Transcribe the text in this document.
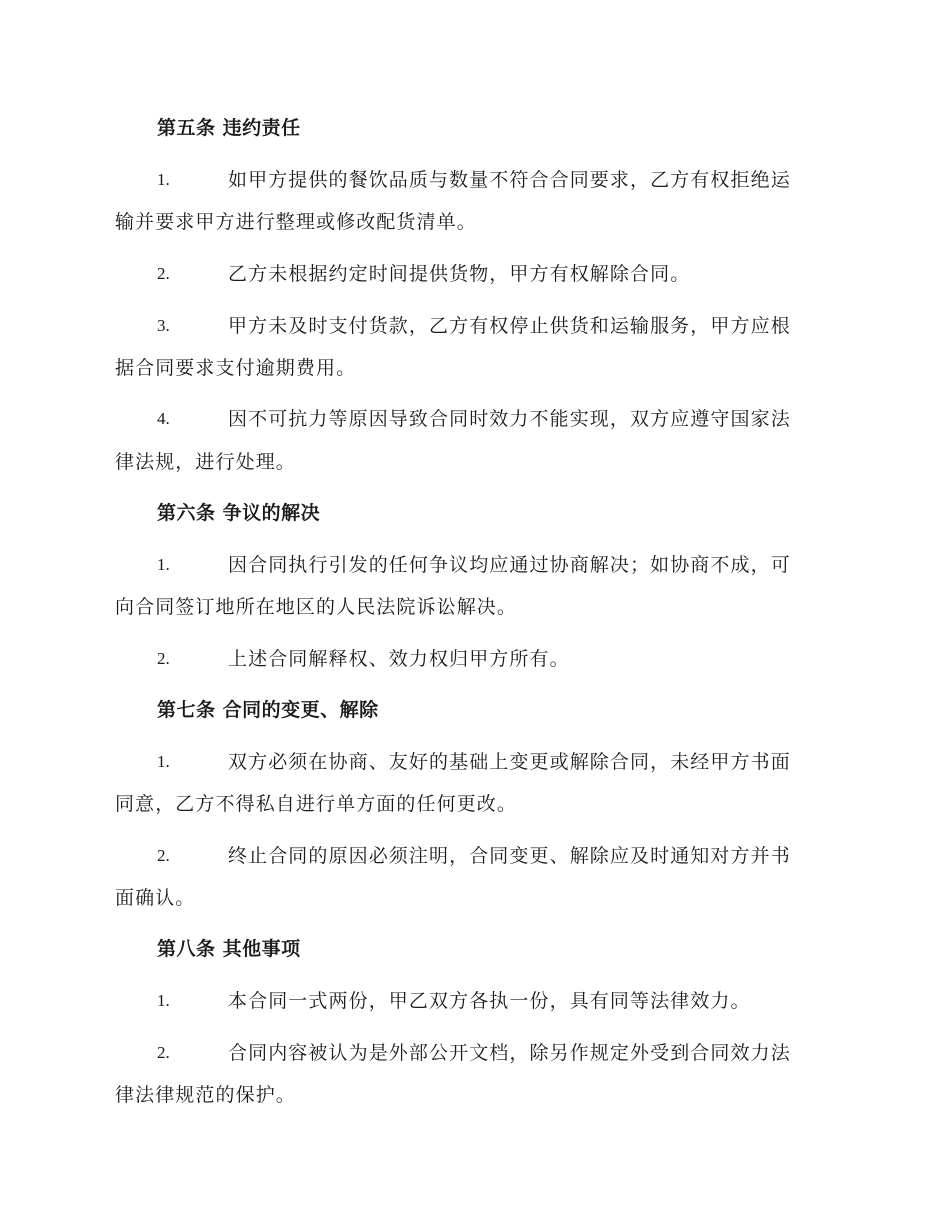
第五条 违约责任
1.	如甲方提供的餐饮品质与数量不符合合同要求，乙方有权拒绝运
输并要求甲方进行整理或修改配货清单。
2.	乙方未根据约定时间提供货物，甲方有权解除合同。
3.	甲方未及时支付货款，乙方有权停止供货和运输服务，甲方应根
据合同要求支付逾期费用。
4.	因不可抗力等原因导致合同时效力不能实现，双方应遵守国家法
律法规，进行处理。
第六条 争议的解决
1.	因合同执行引发的任何争议均应通过协商解决；如协商不成，可
向合同签订地所在地区的人民法院诉讼解决。
2.	上述合同解释权、效力权归甲方所有。
第七条 合同的变更、解除
1.	双方必须在协商、友好的基础上变更或解除合同，未经甲方书面
同意，乙方不得私自进行单方面的任何更改。
2.	终止合同的原因必须注明，合同变更、解除应及时通知对方并书
面确认。
第八条 其他事项
1.	本合同一式两份，甲乙双方各执一份，具有同等法律效力。
2.	合同内容被认为是外部公开文档，除另作规定外受到合同效力法
律法律规范的保护。
